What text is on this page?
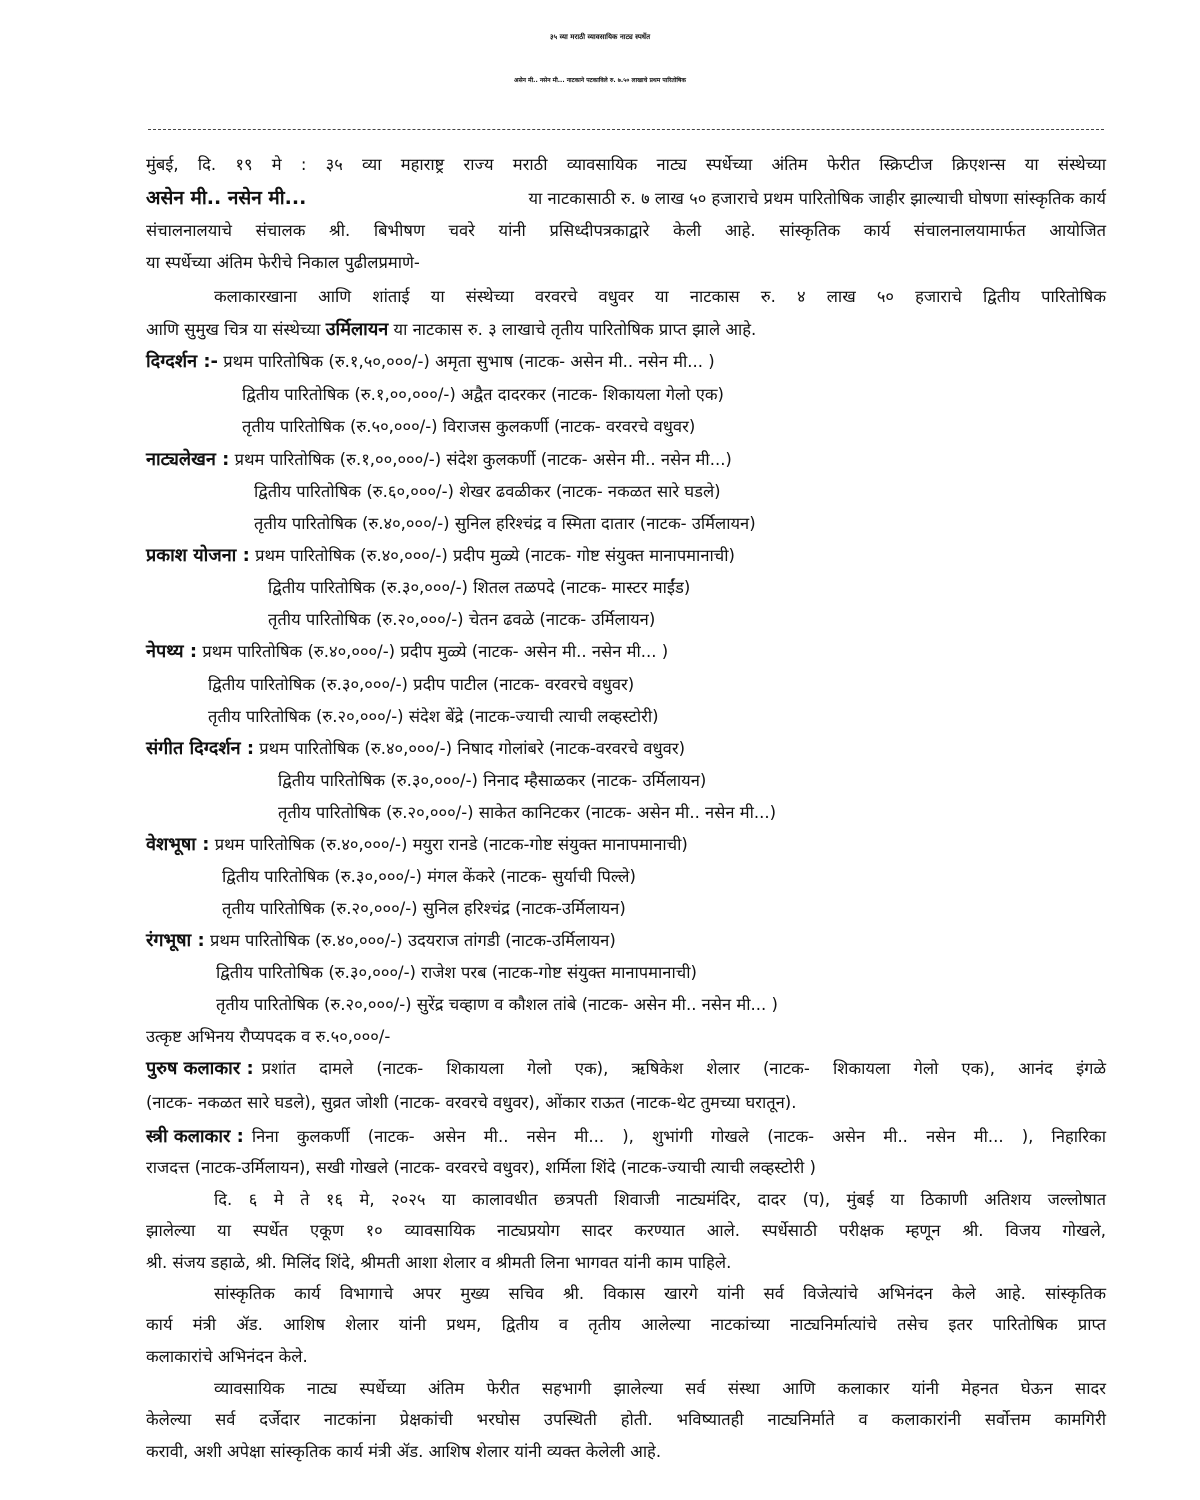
३५ व्या मराठी व्यावसायिक नाट्य स्पर्धेत
असेन मी.. नसेन मी... नाटकाने पटकाविले रु. ७.५० लाखाचे प्रथम पारितोषिक
मुंबई, दि. १९ मे : ३५ व्या महाराष्ट्र राज्य मराठी व्यावसायिक नाट्य स्पर्धेच्या अंतिम फेरीत स्क्रिप्टीज क्रिएशन्स या संस्थेच्या
असेन मी.. नसेन मी...	या नाटकासाठी रु. ७ लाख ५० हजाराचे प्रथम पारितोषिक जाहीर झाल्याची घोषणा सांस्कृतिक कार्य
संचालनालयाचे संचालक श्री. बिभीषण चवरे यांनी प्रसिध्दीपत्रकाद्वारे केली आहे. सांस्कृतिक कार्य संचालनालयामार्फत आयोजित
या स्पर्धेच्या अंतिम फेरीचे निकाल पुढीलप्रमाणे-
कलाकारखाना आणि शांताई या संस्थेच्या वरवरचे वधुवर या नाटकास रु. ४ लाख ५० हजाराचे द्वितीय पारितोषिक
आणि सुमुख चित्र या संस्थेच्या उर्मिलायन या नाटकास रु. ३ लाखाचे तृतीय पारितोषिक प्राप्त झाले आहे.
दिग्दर्शन :- प्रथम पारितोषिक (रु.१,५०,०००/-) अमृता सुभाष (नाटक- असेन मी.. नसेन मी... )
द्वितीय पारितोषिक (रु.१,००,०००/-) अद्वैत दादरकर (नाटक- शिकायला गेलो एक)
तृतीय पारितोषिक (रु.५०,०००/-) विराजस कुलकर्णी (नाटक- वरवरचे वधुवर)
नाट्यलेखन : प्रथम पारितोषिक (रु.१,००,०००/-) संदेश कुलकर्णी (नाटक- असेन मी.. नसेन मी...)
द्वितीय पारितोषिक (रु.६०,०००/-) शेखर ढवळीकर (नाटक- नकळत सारे घडले)
तृतीय पारितोषिक (रु.४०,०००/-) सुनिल हरिश्चंद्र व स्मिता दातार (नाटक- उर्मिलायन)
प्रकाश योजना : प्रथम पारितोषिक (रु.४०,०००/-) प्रदीप मुळ्ये (नाटक- गोष्ट संयुक्त मानापमानाची)
द्वितीय पारितोषिक (रु.३०,०००/-) शितल तळपदे (नाटक- मास्टर माईंड)
तृतीय पारितोषिक (रु.२०,०००/-) चेतन ढवळे (नाटक- उर्मिलायन)
नेपथ्य : प्रथम पारितोषिक (रु.४०,०००/-) प्रदीप मुळ्ये (नाटक- असेन मी.. नसेन मी... )
द्वितीय पारितोषिक (रु.३०,०००/-) प्रदीप पाटील (नाटक- वरवरचे वधुवर)
तृतीय पारितोषिक (रु.२०,०००/-) संदेश बेंद्रे (नाटक-ज्याची त्याची लव्हस्टोरी)
संगीत दिग्दर्शन : प्रथम पारितोषिक (रु.४०,०००/-) निषाद गोलांबरे (नाटक-वरवरचे वधुवर)
द्वितीय पारितोषिक (रु.३०,०००/-) निनाद म्हैसाळकर (नाटक- उर्मिलायन)
तृतीय पारितोषिक (रु.२०,०००/-) साकेत कानिटकर (नाटक- असेन मी.. नसेन मी...)
वेशभूषा : प्रथम पारितोषिक (रु.४०,०००/-) मयुरा रानडे (नाटक-गोष्ट संयुक्त मानापमानाची)
द्वितीय पारितोषिक (रु.३०,०००/-) मंगल केंकरे (नाटक- सुर्याची पिल्ले)
तृतीय पारितोषिक (रु.२०,०००/-) सुनिल हरिश्चंद्र (नाटक-उर्मिलायन)
रंगभूषा : प्रथम पारितोषिक (रु.४०,०००/-) उदयराज तांगडी (नाटक-उर्मिलायन)
द्वितीय पारितोषिक (रु.३०,०००/-) राजेश परब (नाटक-गोष्ट संयुक्त मानापमानाची)
तृतीय पारितोषिक (रु.२०,०००/-) सुरेंद्र चव्हाण व कौशल तांबे (नाटक- असेन मी.. नसेन मी... )
उत्कृष्ट अभिनय रौप्यपदक व रु.५०,०००/-
पुरुष कलाकार : प्रशांत दामले (नाटक- शिकायला गेलो एक), ऋषिकेश शेलार (नाटक- शिकायला गेलो एक), आनंद इंगळे
(नाटक- नकळत सारे घडले), सुव्रत जोशी (नाटक- वरवरचे वधुवर), ओंकार राऊत (नाटक-थेट तुमच्या घरातून).
स्त्री कलाकार : निना कुलकर्णी (नाटक- असेन मी.. नसेन मी... ), शुभांगी गोखले (नाटक- असेन मी.. नसेन मी... ), निहारिका
राजदत्त (नाटक-उर्मिलायन), सखी गोखले (नाटक- वरवरचे वधुवर), शर्मिला शिंदे (नाटक-ज्याची त्याची लव्हस्टोरी )
दि. ६ मे ते १६ मे, २०२५ या कालावधीत छत्रपती शिवाजी नाट्यमंदिर, दादर (प), मुंबई या ठिकाणी अतिशय जल्लोषात
झालेल्या या स्पर्धेत एकूण १० व्यावसायिक नाट्यप्रयोग सादर करण्यात आले. स्पर्धेसाठी परीक्षक म्हणून श्री. विजय गोखले,
श्री. संजय डहाळे, श्री. मिलिंद शिंदे, श्रीमती आशा शेलार व श्रीमती लिना भागवत यांनी काम पाहिले.
सांस्कृतिक कार्य विभागाचे अपर मुख्य सचिव श्री. विकास खारगे यांनी सर्व विजेत्यांचे अभिनंदन केले आहे. सांस्कृतिक
कार्य मंत्री ॲड. आशिष शेलार यांनी प्रथम, द्वितीय व तृतीय आलेल्या नाटकांच्या नाट्यनिर्मात्यांचे तसेच इतर पारितोषिक प्राप्त
कलाकारांचे अभिनंदन केले.
व्यावसायिक नाट्य स्पर्धेच्या अंतिम फेरीत सहभागी झालेल्या सर्व संस्था आणि कलाकार यांनी मेहनत घेऊन सादर
केलेल्या सर्व दर्जेदार नाटकांना प्रेक्षकांची भरघोस उपस्थिती होती. भविष्यातही नाट्यनिर्माते व कलाकारांनी सर्वोत्तम कामगिरी
करावी, अशी अपेक्षा सांस्कृतिक कार्य मंत्री ॲड. आशिष शेलार यांनी व्यक्त केलेली आहे.
